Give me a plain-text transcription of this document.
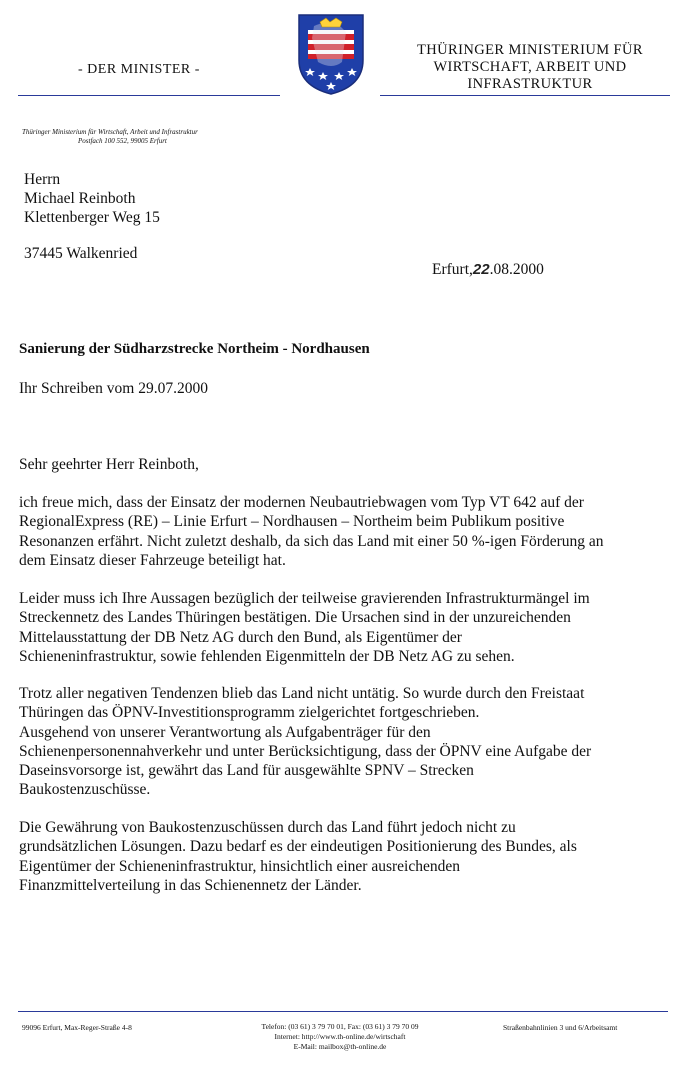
- DER MINISTER -
THÜRINGER MINISTERIUM FÜR
WIRTSCHAFT, ARBEIT UND
INFRASTRUKTUR
Thüringer Ministerium für Wirtschaft, Arbeit und Infrastruktur
Postfach 100 552, 99005 Erfurt
Herrn
Michael Reinboth
Klettenberger Weg 15
37445 Walkenried
Erfurt,22.08.2000
Sanierung der Südharzstrecke Northeim - Nordhausen
Ihr Schreiben vom 29.07.2000
Sehr geehrter Herr Reinboth,
ich freue mich, dass der Einsatz der modernen Neubautriebwagen vom Typ VT 642 auf der
RegionalExpress (RE) – Linie Erfurt – Nordhausen – Northeim beim Publikum positive
Resonanzen erfährt. Nicht zuletzt deshalb, da sich das Land mit einer 50 %-igen Förderung an
dem Einsatz dieser Fahrzeuge beteiligt hat.
Leider muss ich Ihre Aussagen bezüglich der teilweise gravierenden Infrastrukturmängel im
Streckennetz des Landes Thüringen bestätigen. Die Ursachen sind in der unzureichenden
Mittelausstattung der DB Netz AG durch den Bund, als Eigentümer der
Schieneninfrastruktur, sowie fehlenden Eigenmitteln der DB Netz AG zu sehen.
Trotz aller negativen Tendenzen blieb das Land nicht untätig. So wurde durch den Freistaat
Thüringen das ÖPNV-Investitionsprogramm zielgerichtet fortgeschrieben.
Ausgehend von unserer Verantwortung als Aufgabenträger für den
Schienenpersonennahverkehr und unter Berücksichtigung, dass der ÖPNV eine Aufgabe der
Daseinsvorsorge ist, gewährt das Land für ausgewählte SPNV – Strecken
Baukostenzuschüsse.
Die Gewährung von Baukostenzuschüssen durch das Land führt jedoch nicht zu
grundsätzlichen Lösungen. Dazu bedarf es der eindeutigen Positionierung des Bundes, als
Eigentümer der Schieneninfrastruktur, hinsichtlich einer ausreichenden
Finanzmittelverteilung in das Schienennetz der Länder.
99096 Erfurt, Max-Reger-Straße 4-8	Telefon: (03 61) 3 79 70 01, Fax: (03 61) 3 79 70 09
Internet: http://www.th-online.de/wirtschaft
E-Mail: mailbox@th-online.de
Straßenbahnlinien 3 und 6/Arbeitsamt
